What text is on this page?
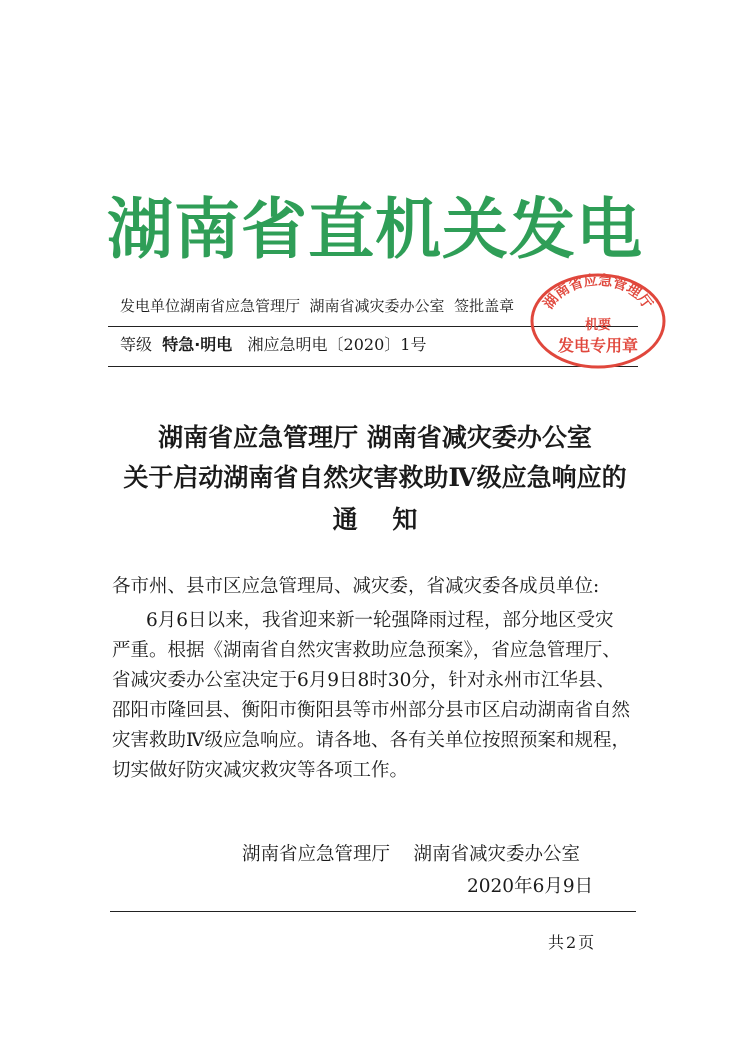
湖南省直机关发电
发电单位湖南省应急管理厅  湖南省减灾委办公室 签批盖章
等级 特急·明电 湘应急明电〔2020〕1号
湖南省应急管理厅
机要
发电专用章
湖南省应急管理厅 湖南省减灾委办公室
关于启动湖南省自然灾害救助Ⅳ级应急响应的
通    知
各市州、县市区应急管理局、减灾委，省减灾委各成员单位:
6月6日以来，我省迎来新一轮强降雨过程，部分地区受灾
严重。根据《湖南省自然灾害救助应急预案》，省应急管理厅、
省减灾委办公室决定于6月9日8时30分，针对永州市江华县、
邵阳市隆回县、衡阳市衡阳县等市州部分县市区启动湖南省自然
灾害救助Ⅳ级应急响应。请各地、各有关单位按照预案和规程，
切实做好防灾减灾救灾等各项工作。
湖南省应急管理厅    湖南省减灾委办公室
2020年6月9日
共2页
